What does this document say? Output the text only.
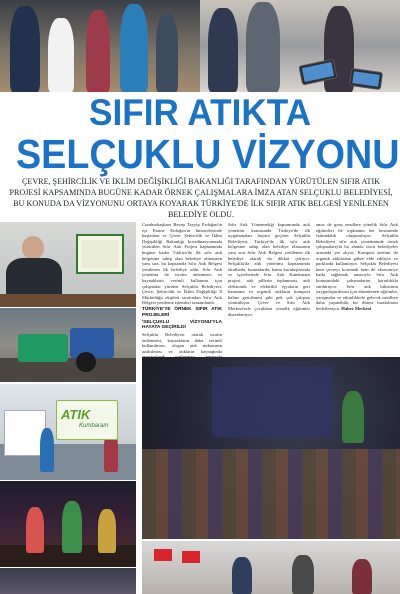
SIFIR ATIKTA
SELÇUKLU VİZYONU
ÇEVRE, ŞEHİRCİLİK VE İKLİM DEĞİŞİKLİĞİ BAKANLIĞI TARAFINDAN YÜRÜTÜLEN SIFIR ATIK PROJESİ KAPSAMINDA BUGÜNE KADAR ÖRNEK ÇALIŞMALARA İMZA ATAN SELÇUKLU BELEDİYESİ, BU KONUDA DA VİZYONUNU ORTAYA KOYARAK TÜRKİYE'DE İLK SIFIR ATIK BELGESİ YENİLENEN BELEDİYE OLDU.
ATIK
Kumbaram
Cumhurbaşkanı Recep Tayyip Erdoğan'ın eşi Emine Erdoğan'ın himayelerinde başlatılan ve Çevre, Şehircilik ve İklim Değişikliği Bakanlığı koordinasyonunda yürütülen Sıfır Atık Projesi kapsamında bugüne kadar Türkiye'de ilk sıfır atık belgesine sahip olan belediye olmasının yanı sıra, bu kapsamda Sıfır Atık Belgesi yenilenen ilk belediye oldu. Sıfır Atık yönetimi ile israfın önlenmesi ve kaynakların verimli kullanımı için çalışmalar yürüten Selçuklu Belediyesi, Çevre, Şehircilik ve İklim Değişikliği İl Müdürlüğü ekipleri tarafından Sıfır Atık Belgesi yenileme işlemleri tamamlandı.
TÜRKİYE'YE ÖRNEK SIFIR ATIK PROJELERİ
'SELÇUKLU VİZYONU'YLA HAYATA GEÇİRİLDİ
Selçuklu Belediyesi olarak israfın önlenmesi, kaynakların daha verimli kullanılması, oluşan atık miktarının azaltılması ve atıkların kaynağında
Sıfır Atık Yönetmeliği kapsamında atık yönetimi konusunda Türkiye'de ilk uygulamaları hayata geçiren Selçuklu Belediyesi, Türkiye'de ilk sıfır atık belgesine sahip olan belediye olmasının yanı sıra Sıfır Atık Belgesi yenilenen ilk belediye olarak da dikkat çekiyor. Selçuklu'da atık yönetimi kapsamında okullarda, kurumlarda, kamu kuruluşlarında ve işyerlerinde Sıfır Atık Kumbaram projesi, atık pillerin toplanması, atık elektronik ve elektrikli eşyaların geri kazanımı ve organik atıkların kompost haline getirilmesi gibi pek çok çalışma yürütülüyor. Çevre ve Sıfır Atık Merkezi'nde çocuklara yönelik eğitimler düzenleniyor.
ama; de genç nesillere yönelik Sıfır Atık eğitimleri ile toplumun her kesiminde farkındalık oluşturuluyor. Selçuklu Belediyesi sıfır atık yönetiminde örnek çalışmalarıyla bu alanda öncü belediyeler arasında yer alıyor. Kompost üretimi ile organik atıklardan gübre elde ediliyor ve parklarda kullanılıyor. Selçuklu Belediyesi hem çevreyi korumak hem de ekonomiye katkı sağlamak amacıyla Sıfır Atık konusundaki çalışmalarını kararlılıkla sürdürüyor. Sıfır atık bilincinin yaygınlaştırılması için düzenlenen eğitimler, yarışmalar ve etkinliklerle gelecek nesillere daha yaşanabilir bir dünya bırakılması hedefleniyor. Haber Merkezi
